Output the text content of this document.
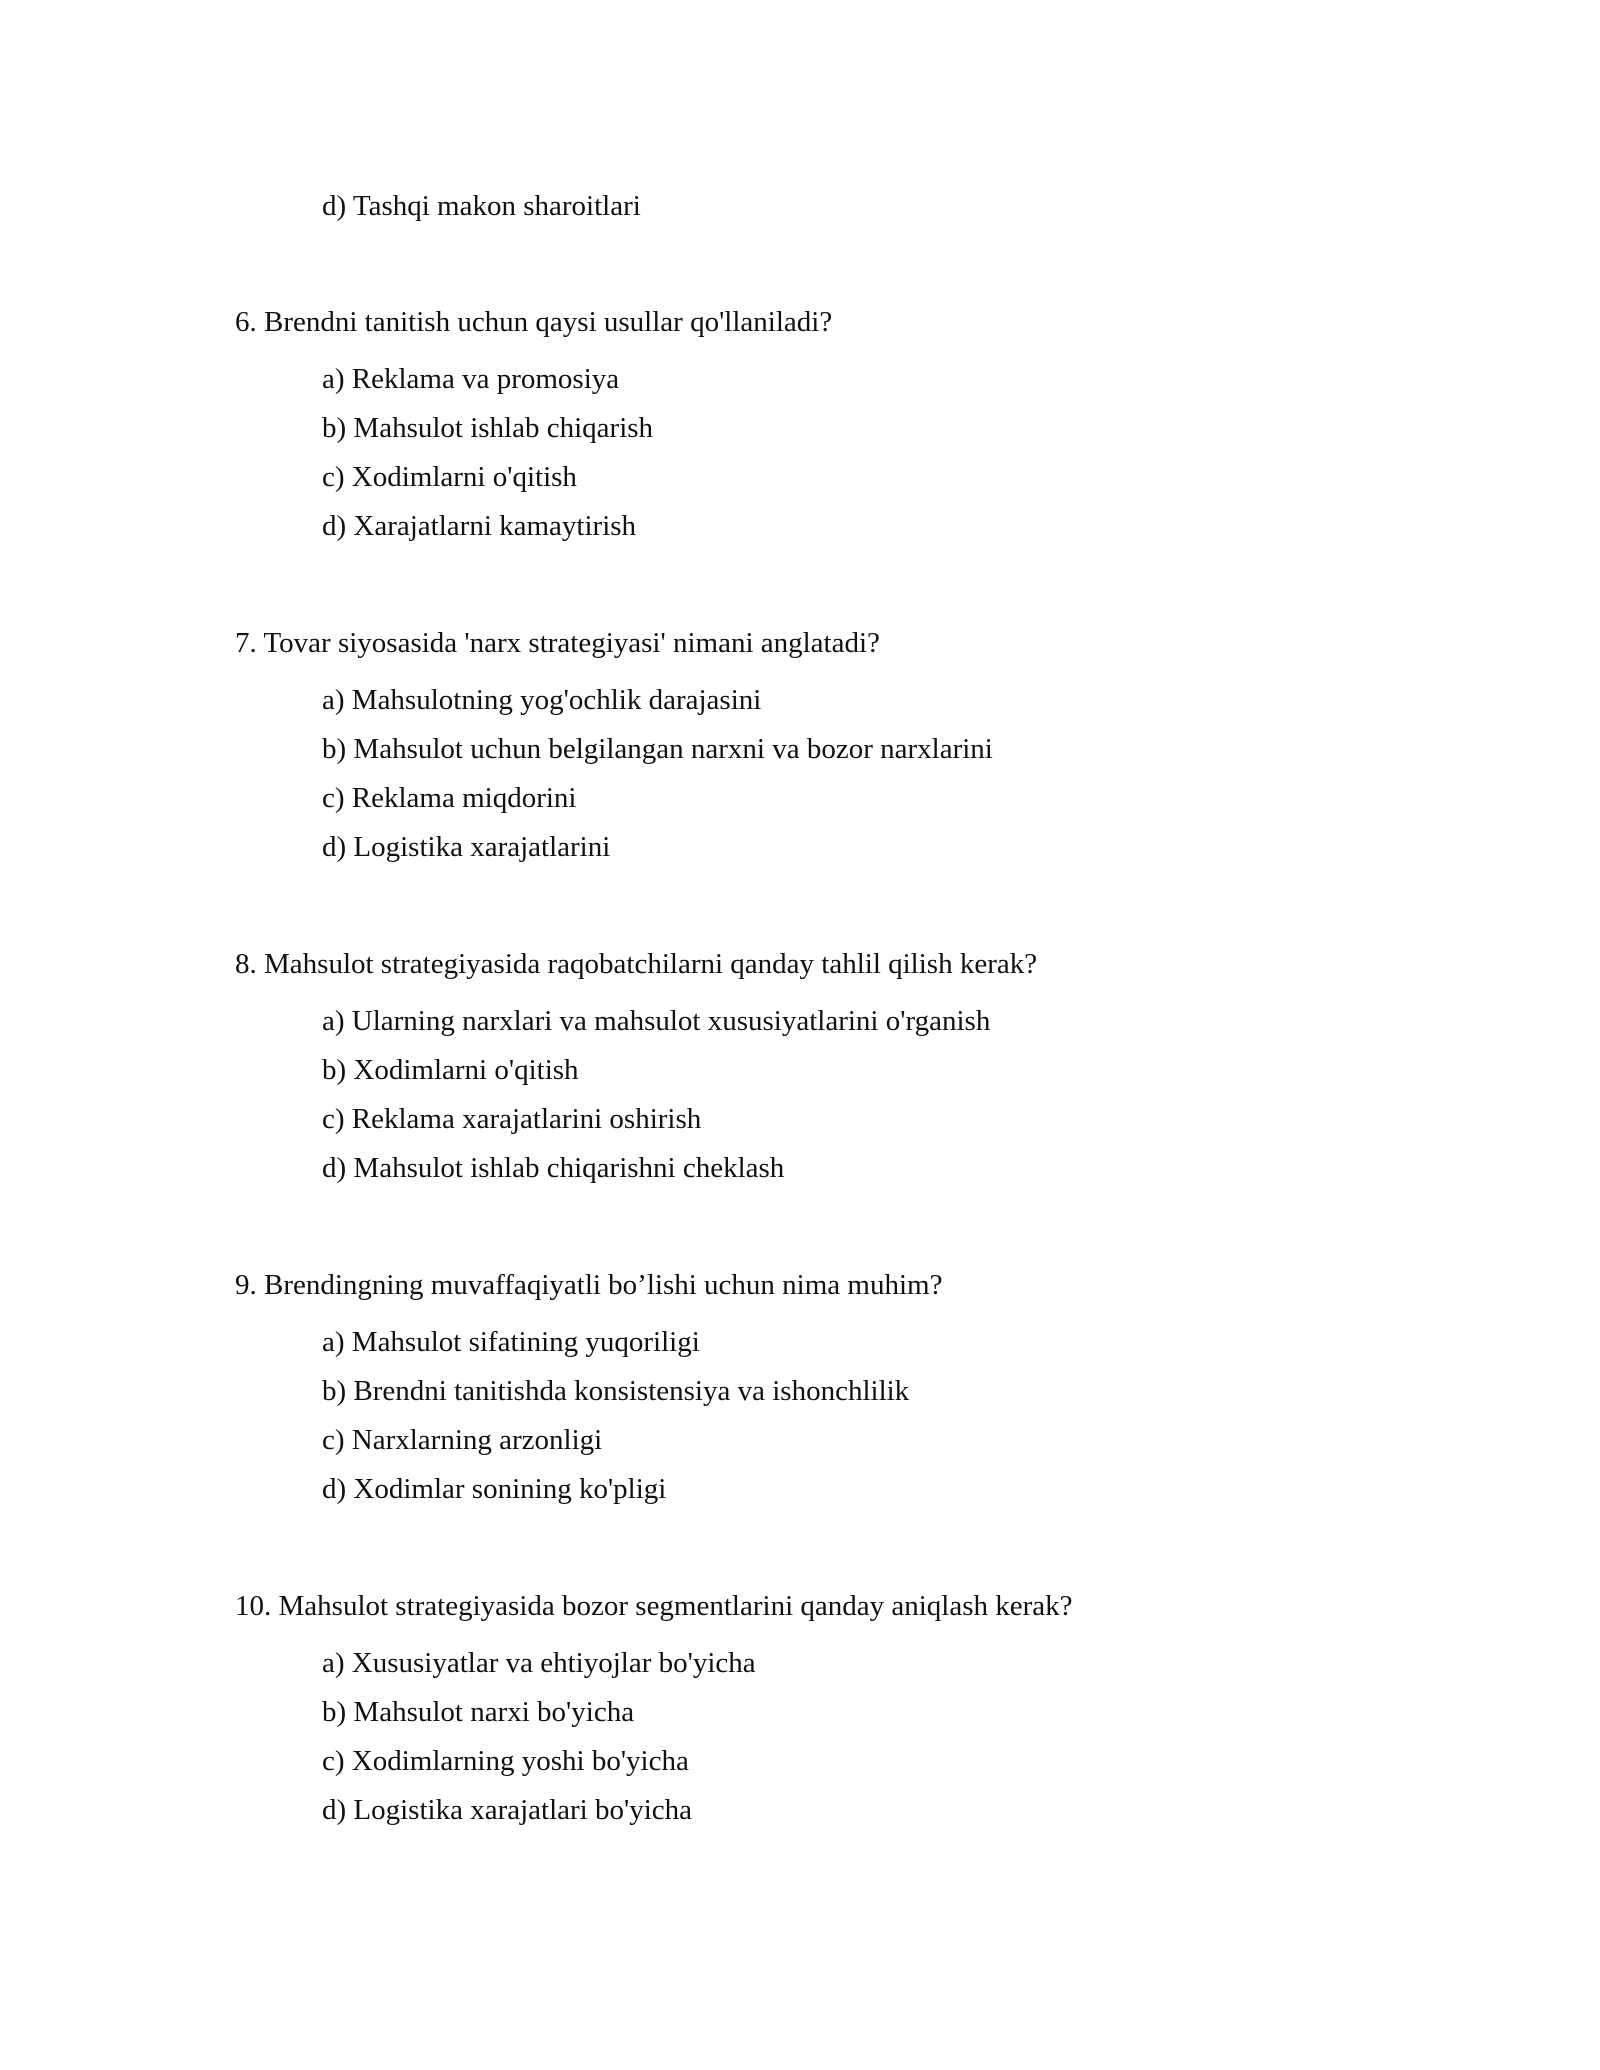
d) Tashqi makon sharoitlari
6. Brendni tanitish uchun qaysi usullar qo'llaniladi?
a) Reklama va promosiya
b) Mahsulot ishlab chiqarish
c) Xodimlarni o'qitish
d) Xarajatlarni kamaytirish
7. Tovar siyosasida 'narx strategiyasi' nimani anglatadi?
a) Mahsulotning yog'ochlik darajasini
b) Mahsulot uchun belgilangan narxni va bozor narxlarini
c) Reklama miqdorini
d) Logistika xarajatlarini
8. Mahsulot strategiyasida raqobatchilarni qanday tahlil qilish kerak?
a) Ularning narxlari va mahsulot xususiyatlarini o'rganish
b) Xodimlarni o'qitish
c) Reklama xarajatlarini oshirish
d) Mahsulot ishlab chiqarishni cheklash
9. Brendingning muvaffaqiyatli bo’lishi uchun nima muhim?
a) Mahsulot sifatining yuqoriligi
b) Brendni tanitishda konsistensiya va ishonchlilik
c) Narxlarning arzonligi
d) Xodimlar sonining ko'pligi
10. Mahsulot strategiyasida bozor segmentlarini qanday aniqlash kerak?
a) Xususiyatlar va ehtiyojlar bo'yicha
b) Mahsulot narxi bo'yicha
c) Xodimlarning yoshi bo'yicha
d) Logistika xarajatlari bo'yicha
